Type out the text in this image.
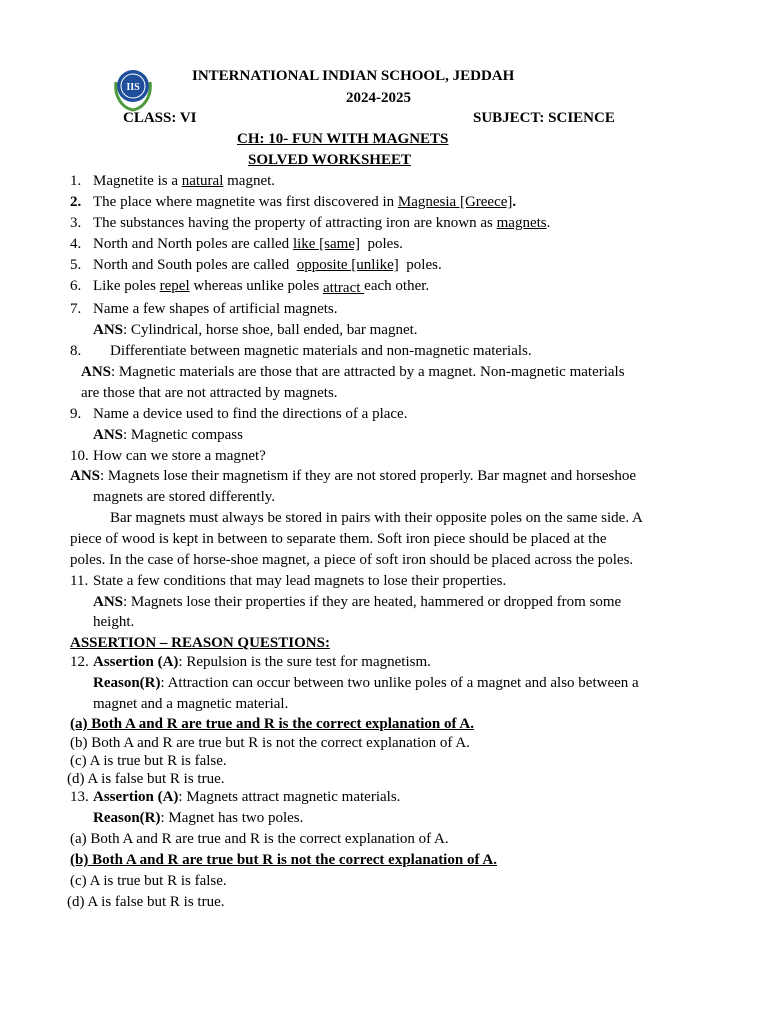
IIS
INTERNATIONAL INDIAN SCHOOL, JEDDAH
2024-2025
CLASS: VI	SUBJECT: SCIENCE
CH: 10- FUN WITH MAGNETS
SOLVED WORKSHEET
1. Magnetite is a natural magnet.
2. The place where magnetite was first discovered in Magnesia [Greece].
3. The substances having the property of attracting iron are known as magnets.
4. North and North poles are called like [same]  poles.
5. North and South poles are called  opposite [unlike]  poles.
6. Like poles repel whereas unlike poles attract each other.
7. Name a few shapes of artificial magnets.
ANS: Cylindrical, horse shoe, ball ended, bar magnet.
8. Differentiate between magnetic materials and non-magnetic materials.
ANS: Magnetic materials are those that are attracted by a magnet. Non-magnetic materials
are those that are not attracted by magnets.
9. Name a device used to find the directions of a place.
ANS: Magnetic compass
10. How can we store a magnet?
ANS: Magnets lose their magnetism if they are not stored properly. Bar magnet and horseshoe
magnets are stored differently.
Bar magnets must always be stored in pairs with their opposite poles on the same side. A
piece of wood is kept in between to separate them. Soft iron piece should be placed at the
poles. In the case of horse-shoe magnet, a piece of soft iron should be placed across the poles.
11. State a few conditions that may lead magnets to lose their properties.
ANS: Magnets lose their properties if they are heated, hammered or dropped from some
height.
ASSERTION – REASON QUESTIONS:
12. Assertion (A): Repulsion is the sure test for magnetism.
Reason(R): Attraction can occur between two unlike poles of a magnet and also between a
magnet and a magnetic material.
(a) Both A and R are true and R is the correct explanation of A.
(b) Both A and R are true but R is not the correct explanation of A.
(c) A is true but R is false.
(d) A is false but R is true.
13. Assertion (A): Magnets attract magnetic materials.
Reason(R): Magnet has two poles.
(a) Both A and R are true and R is the correct explanation of A.
(b) Both A and R are true but R is not the correct explanation of A.
(c) A is true but R is false.
(d) A is false but R is true.
